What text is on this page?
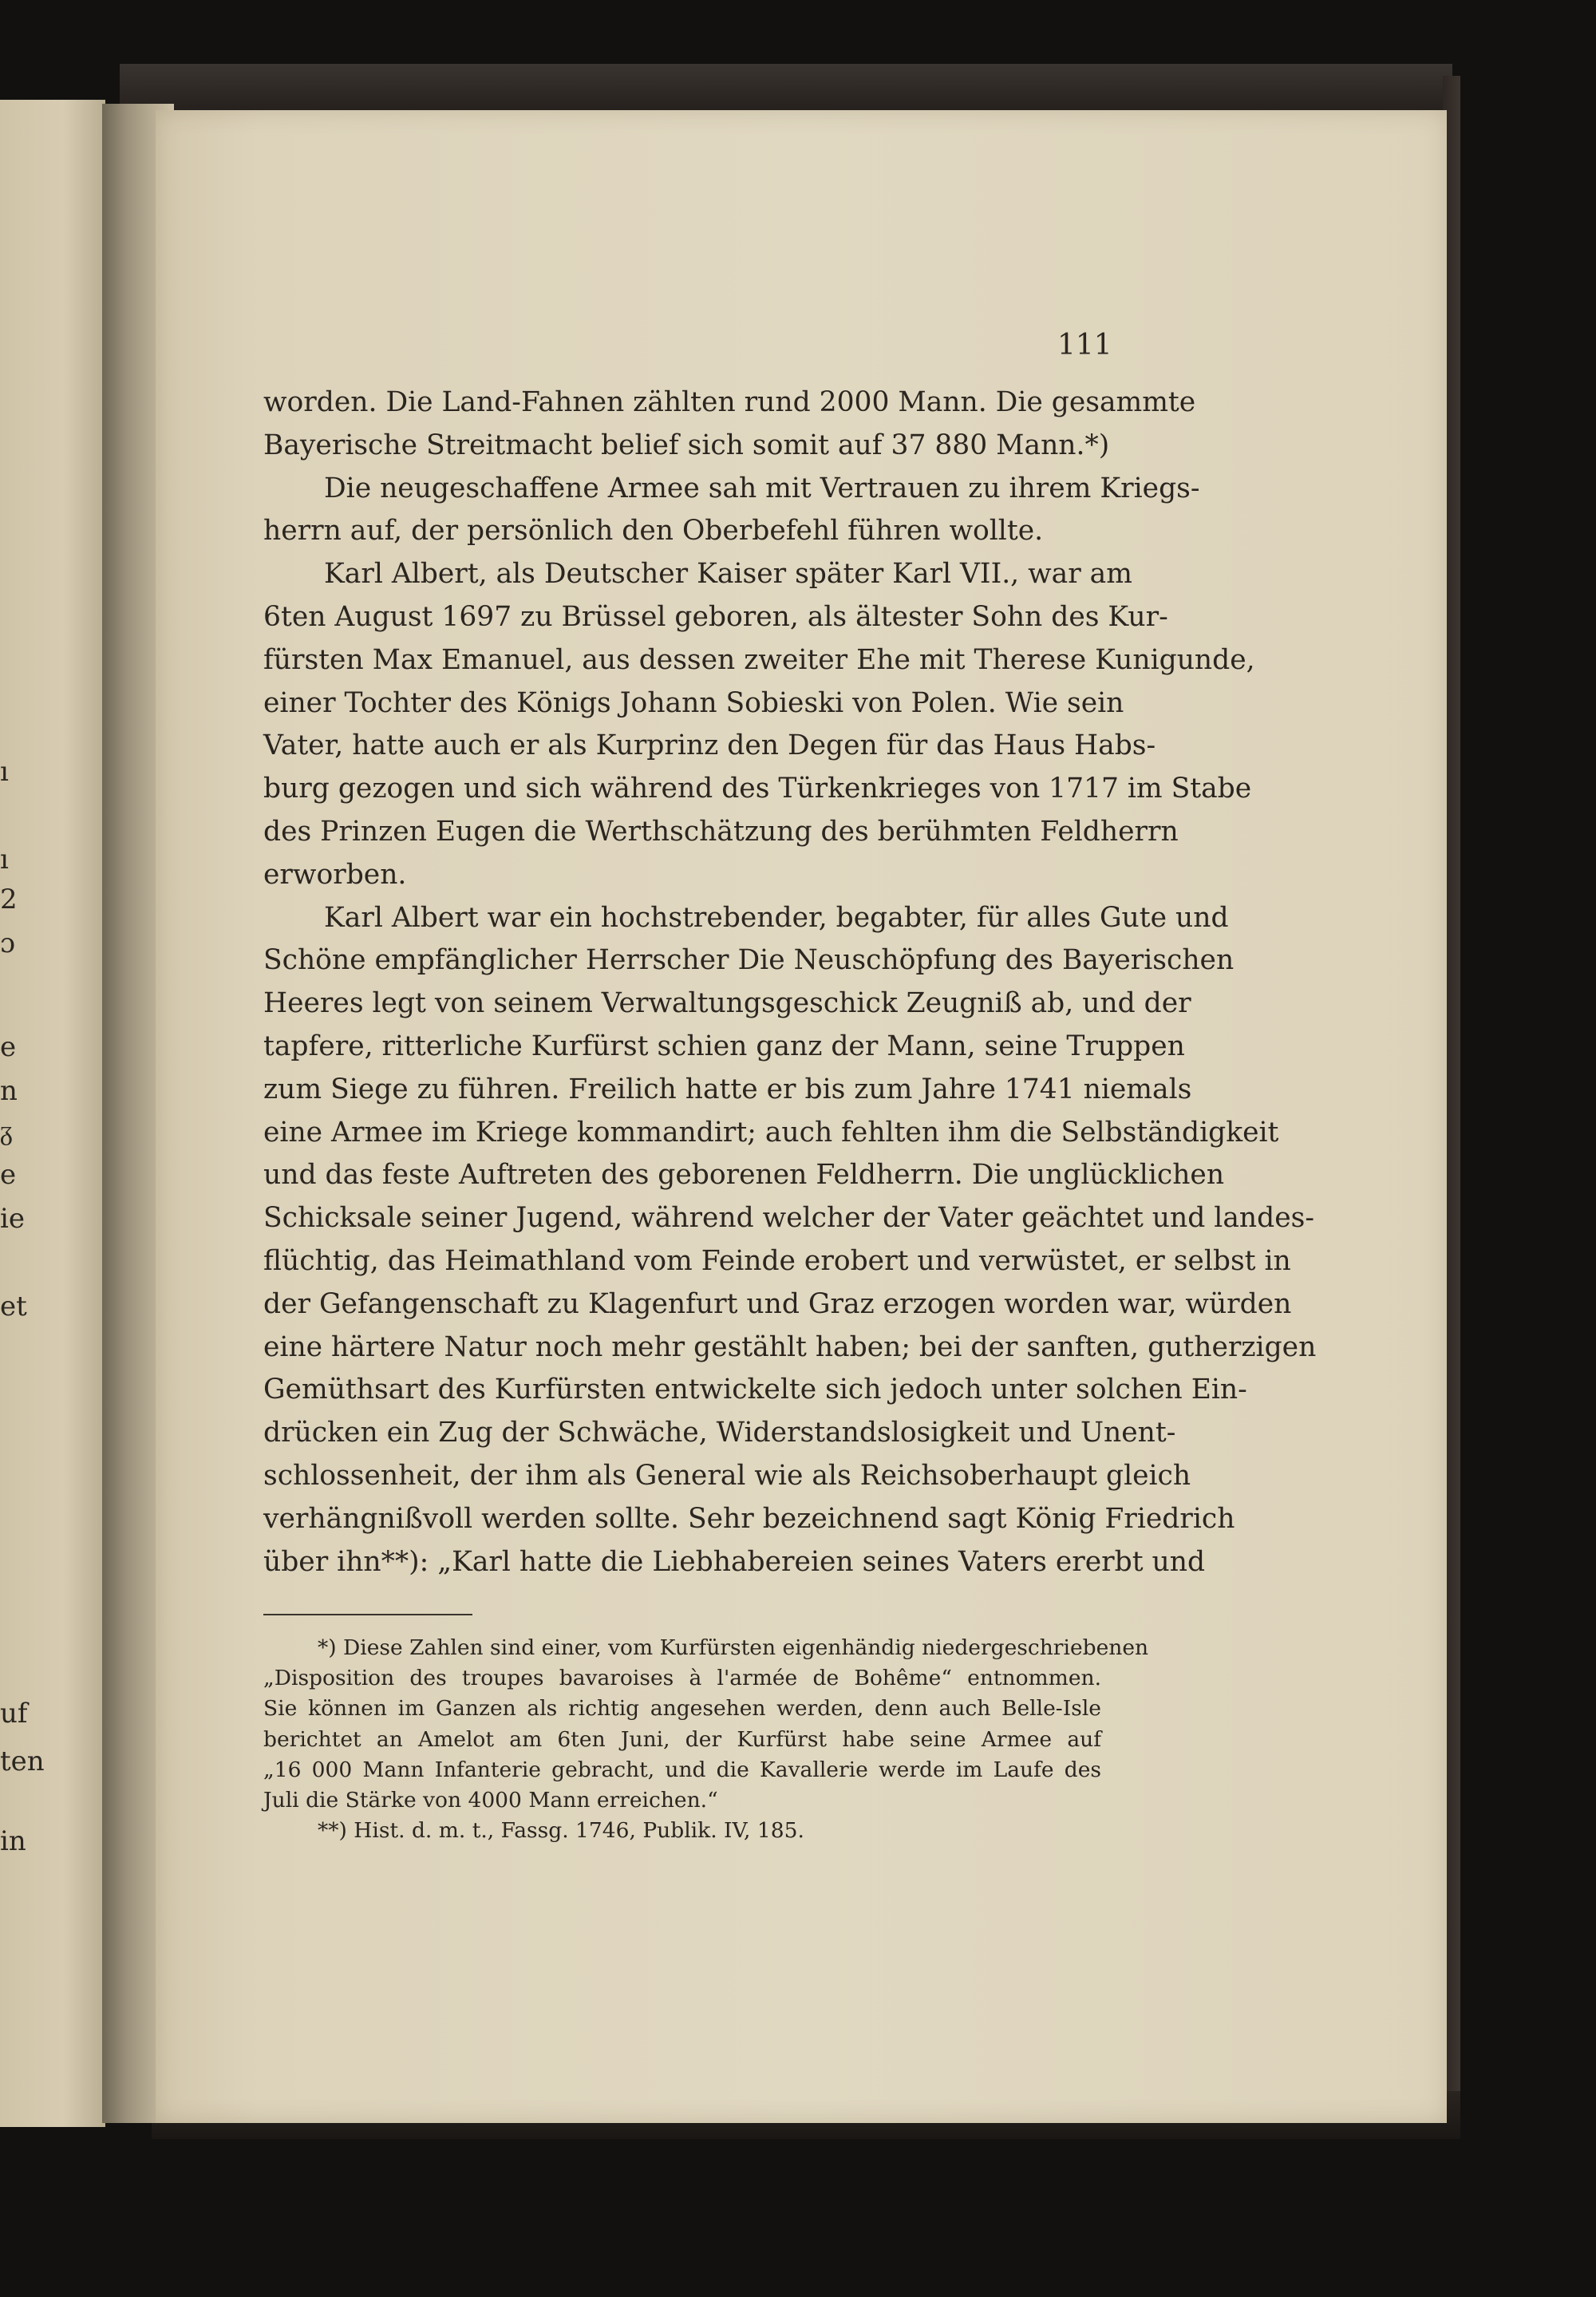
ı
ı
2
ɔ
e
n
ᵹ
e
ie
et
uf
ten
in
111
worden. Die Land-Fahnen zählten rund 2000 Mann. Die gesammte
Bayerische Streitmacht belief sich somit auf 37 880 Mann.*)
Die neugeschaffene Armee sah mit Vertrauen zu ihrem Kriegs-
herrn auf, der persönlich den Oberbefehl führen wollte.
Karl Albert, als Deutscher Kaiser später Karl VII., war am
6ten August 1697 zu Brüssel geboren, als ältester Sohn des Kur-
fürsten Max Emanuel, aus dessen zweiter Ehe mit Therese Kunigunde,
einer Tochter des Königs Johann Sobieski von Polen. Wie sein
Vater, hatte auch er als Kurprinz den Degen für das Haus Habs-
burg gezogen und sich während des Türkenkrieges von 1717 im Stabe
des Prinzen Eugen die Werthschätzung des berühmten Feldherrn
erworben.
Karl Albert war ein hochstrebender, begabter, für alles Gute und
Schöne empfänglicher Herrscher Die Neuschöpfung des Bayerischen
Heeres legt von seinem Verwaltungsgeschick Zeugniß ab, und der
tapfere, ritterliche Kurfürst schien ganz der Mann, seine Truppen
zum Siege zu führen. Freilich hatte er bis zum Jahre 1741 niemals
eine Armee im Kriege kommandirt; auch fehlten ihm die Selbständigkeit
und das feste Auftreten des geborenen Feldherrn. Die unglücklichen
Schicksale seiner Jugend, während welcher der Vater geächtet und landes-
flüchtig, das Heimathland vom Feinde erobert und verwüstet, er selbst in
der Gefangenschaft zu Klagenfurt und Graz erzogen worden war, würden
eine härtere Natur noch mehr gestählt haben; bei der sanften, gutherzigen
Gemüthsart des Kurfürsten entwickelte sich jedoch unter solchen Ein-
drücken ein Zug der Schwäche, Widerstandslosigkeit und Unent-
schlossenheit, der ihm als General wie als Reichsoberhaupt gleich
verhängnißvoll werden sollte. Sehr bezeichnend sagt König Friedrich
über ihn**): „Karl hatte die Liebhabereien seines Vaters ererbt und
*) Diese Zahlen sind einer, vom Kurfürsten eigenhändig niedergeschriebenen
„Disposition des troupes bavaroises à l'armée de Bohême“ entnommen.
Sie können im Ganzen als richtig angesehen werden, denn auch Belle-Isle
berichtet an Amelot am 6ten Juni, der Kurfürst habe seine Armee auf
„16 000 Mann Infanterie gebracht, und die Kavallerie werde im Laufe des
Juli die Stärke von 4000 Mann erreichen.“
**) Hist. d. m. t., Fassg. 1746, Publik. IV, 185.
